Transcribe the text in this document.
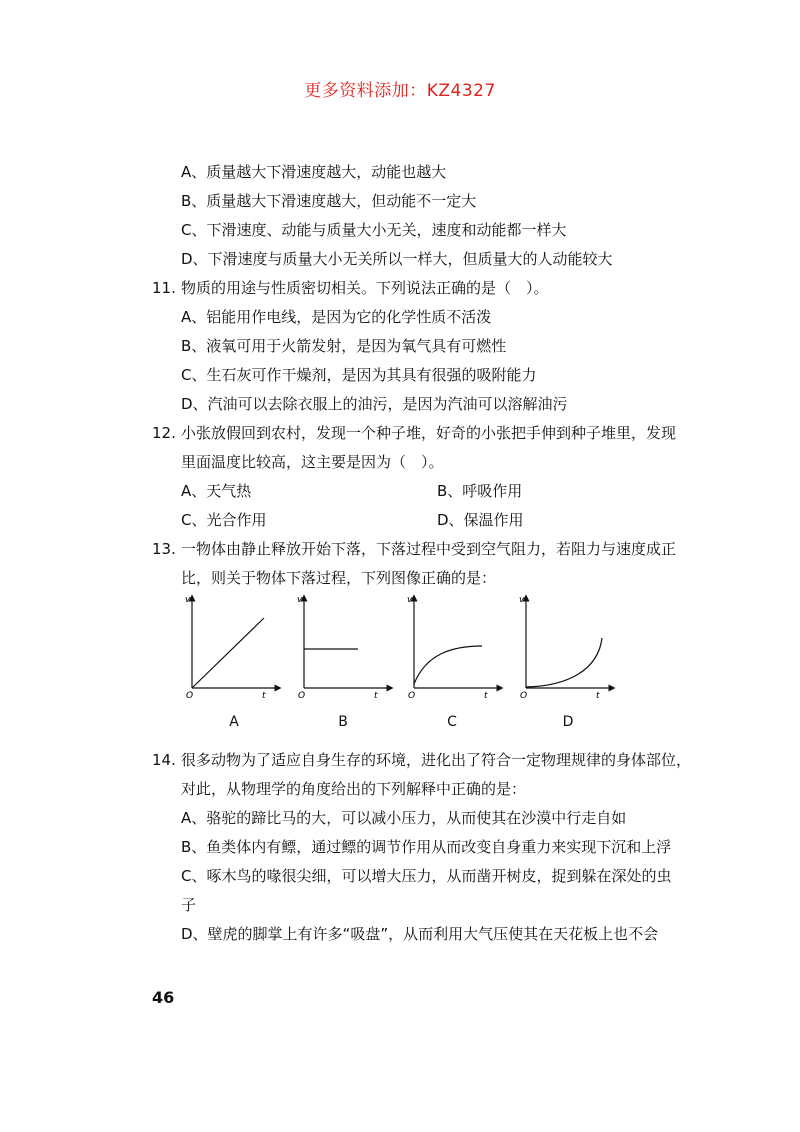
更多资料添加：KZ4327
A、质量越大下滑速度越大，动能也越大
B、质量越大下滑速度越大，但动能不一定大
C、下滑速度、动能与质量大小无关，速度和动能都一样大
D、下滑速度与质量大小无关所以一样大，但质量大的人动能较大
11. 物质的用途与性质密切相关。下列说法正确的是（　）。
A、铝能用作电线，是因为它的化学性质不活泼
B、液氧可用于火箭发射，是因为氧气具有可燃性
C、生石灰可作干燥剂，是因为其具有很强的吸附能力
D、汽油可以去除衣服上的油污，是因为汽油可以溶解油污
12. 小张放假回到农村，发现一个种子堆，好奇的小张把手伸到种子堆里，发现
里面温度比较高，这主要是因为（　）。
A、天气热	B、呼吸作用
C、光合作用	D、保温作用
13. 一物体由静止释放开始下落，下落过程中受到空气阻力，若阻力与速度成正
比，则关于物体下落过程，下列图像正确的是：
v
O	t
v
O	t
v
O	t
v
O	t
A	B	C	D
14. 很多动物为了适应自身生存的环境，进化出了符合一定物理规律的身体部位，
对此，从物理学的角度给出的下列解释中正确的是：
A、骆驼的蹄比马的大，可以减小压力，从而使其在沙漠中行走自如
B、鱼类体内有鳔，通过鳔的调节作用从而改变自身重力来实现下沉和上浮
C、啄木鸟的喙很尖细，可以增大压力，从而凿开树皮，捉到躲在深处的虫
子
D、壁虎的脚掌上有许多“吸盘”，从而利用大气压使其在天花板上也不会
46
